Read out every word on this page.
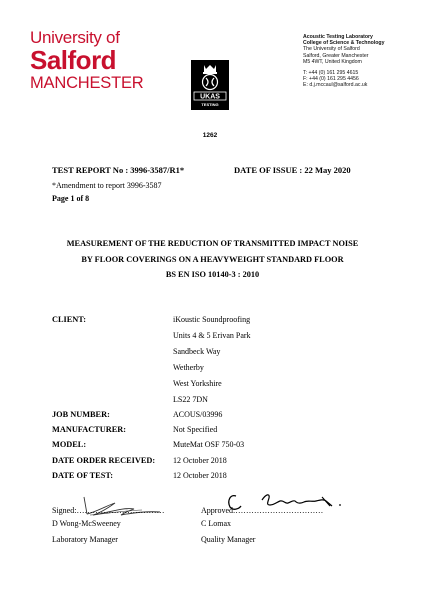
University of
Salford
MANCHESTER
UKAS
TESTING
1262
Acoustic Testing Laboratory
College of Science & Technology
The University of Salford
Salford, Greater Manchester
M5 4WT, United Kingdom
T: +44 (0) 161 295 4615
F: +44 (0) 161 295 4456
E: d.j.mccaul@salford.ac.uk
TEST REPORT No : 3996-3587/R1*	DATE OF ISSUE : 22 May 2020
*Amendment to report 3996-3587
Page 1 of 8
MEASUREMENT OF THE REDUCTION OF TRANSMITTED IMPACT NOISE
BY FLOOR COVERINGS ON A HEAVYWEIGHT STANDARD FLOOR
BS EN ISO 10140-3 : 2010
CLIENT:	iKoustic Soundproofing
Units 4 & 5 Erivan Park
Sandbeck Way
Wetherby
West Yorkshire
LS22 7DN
JOB NUMBER:	ACOUS/03996
MANUFACTURER:	Not Specified
MODEL:	MuteMat OSF 750-03
DATE ORDER RECEIVED: 12 October 2018
DATE OF TEST:	12 October 2018
Signed:……………………………	Approved:……………………………
D Wong-McSweeney	C Lomax
Laboratory Manager	Quality Manager
